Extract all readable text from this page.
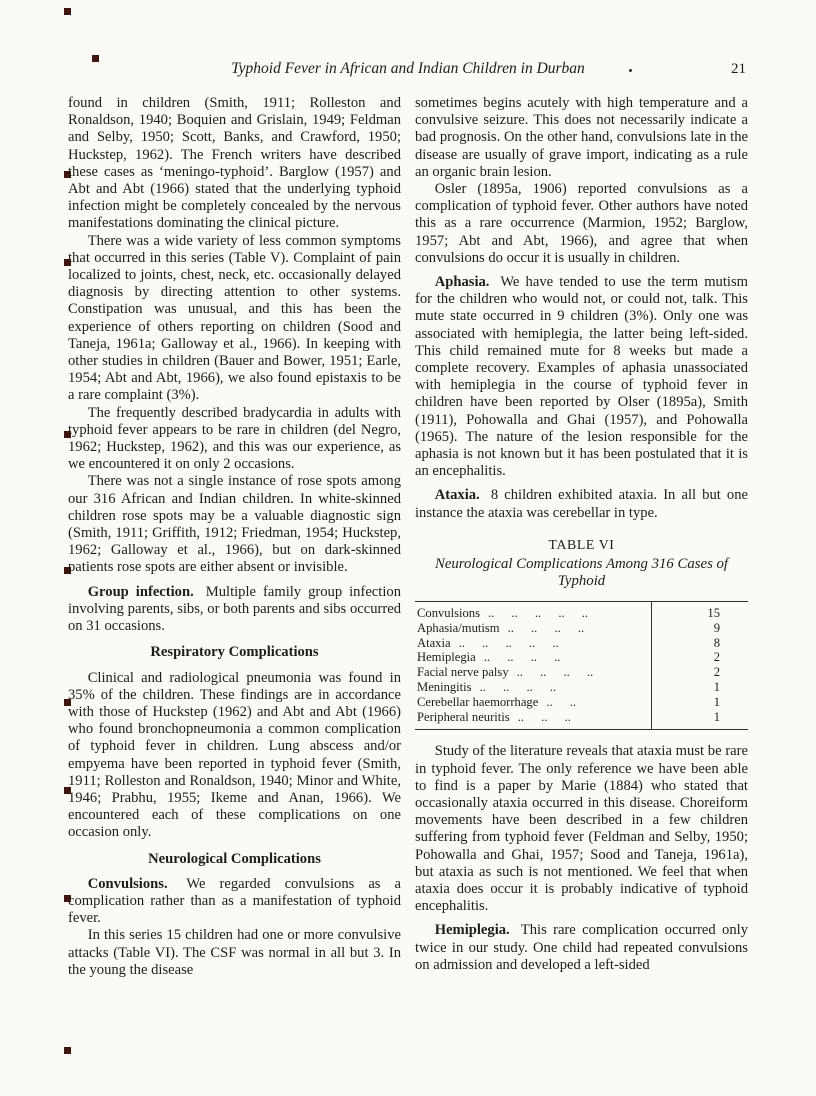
Typhoid Fever in African and Indian Children in Durban	21

found in children (Smith, 1911; Rolleston and Ronaldson, 1940; Boquien and Grislain, 1949; Feldman and Selby, 1950; Scott, Banks, and Crawford, 1950; Huckstep, 1962). The French writers have described these cases as ‘meningo-typhoid’. Barglow (1957) and Abt and Abt (1966) stated that the underlying typhoid infection might be completely concealed by the nervous manifestations dominating the clinical picture.

There was a wide variety of less common symptoms that occurred in this series (Table V). Complaint of pain localized to joints, chest, neck, etc. occasionally delayed diagnosis by directing attention to other systems. Constipation was unusual, and this has been the experience of others reporting on children (Sood and Taneja, 1961a; Galloway et al., 1966). In keeping with other studies in children (Bauer and Bower, 1951; Earle, 1954; Abt and Abt, 1966), we also found epistaxis to be a rare complaint (3%).

The frequently described bradycardia in adults with typhoid fever appears to be rare in children (del Negro, 1962; Huckstep, 1962), and this was our experience, as we encountered it on only 2 occasions.

There was not a single instance of rose spots among our 316 African and Indian children. In white-skinned children rose spots may be a valuable diagnostic sign (Smith, 1911; Griffith, 1912; Friedman, 1954; Huckstep, 1962; Galloway et al., 1966), but on dark-skinned patients rose spots are either absent or invisible.

Group infection. Multiple family group infection involving parents, sibs, or both parents and sibs occurred on 31 occasions.

Respiratory Complications

Clinical and radiological pneumonia was found in 35% of the children. These findings are in accordance with those of Huckstep (1962) and Abt and Abt (1966) who found bronchopneumonia a common complication of typhoid fever in children. Lung abscess and/or empyema have been reported in typhoid fever (Smith, 1911; Rolleston and Ronaldson, 1940; Minor and White, 1946; Prabhu, 1955; Ikeme and Anan, 1966). We encountered each of these complications on one occasion only.

Neurological Complications

Convulsions. We regarded convulsions as a complication rather than as a manifestation of typhoid fever.

In this series 15 children had one or more convulsive attacks (Table VI). The CSF was normal in all but 3. In the young the disease

sometimes begins acutely with high temperature and a convulsive seizure. This does not necessarily indicate a bad prognosis. On the other hand, convulsions late in the disease are usually of grave import, indicating as a rule an organic brain lesion.

Osler (1895a, 1906) reported convulsions as a complication of typhoid fever. Other authors have noted this as a rare occurrence (Marmion, 1952; Barglow, 1957; Abt and Abt, 1966), and agree that when convulsions do occur it is usually in children.

Aphasia. We have tended to use the term mutism for the children who would not, or could not, talk. This mute state occurred in 9 children (3%). Only one was associated with hemiplegia, the latter being left-sided. This child remained mute for 8 weeks but made a complete recovery. Examples of aphasia unassociated with hemiplegia in the course of typhoid fever in children have been reported by Olser (1895a), Smith (1911), Pohowalla and Ghai (1957), and Pohowalla (1965). The nature of the lesion responsible for the aphasia is not known but it has been postulated that it is an encephalitis.

Ataxia. 8 children exhibited ataxia. In all but one instance the ataxia was cerebellar in type.

TABLE VI
Neurological Complications Among 316 Cases of Typhoid
Convulsions .. .. .. .. ..	15
Aphasia/mutism .. .. .. ..	9
Ataxia .. .. .. .. ..	8
Hemiplegia .. .. .. ..	2
Facial nerve palsy .. .. .. ..	2
Meningitis .. .. .. ..	1
Cerebellar haemorrhage .. ..	1
Peripheral neuritis .. .. ..	1

Study of the literature reveals that ataxia must be rare in typhoid fever. The only reference we have been able to find is a paper by Marie (1884) who stated that occasionally ataxia occurred in this disease. Choreiform movements have been described in a few children suffering from typhoid fever (Feldman and Selby, 1950; Pohowalla and Ghai, 1957; Sood and Taneja, 1961a), but ataxia as such is not mentioned. We feel that when ataxia does occur it is probably indicative of typhoid encephalitis.

Hemiplegia. This rare complication occurred only twice in our study. One child had repeated convulsions on admission and developed a left-sided
